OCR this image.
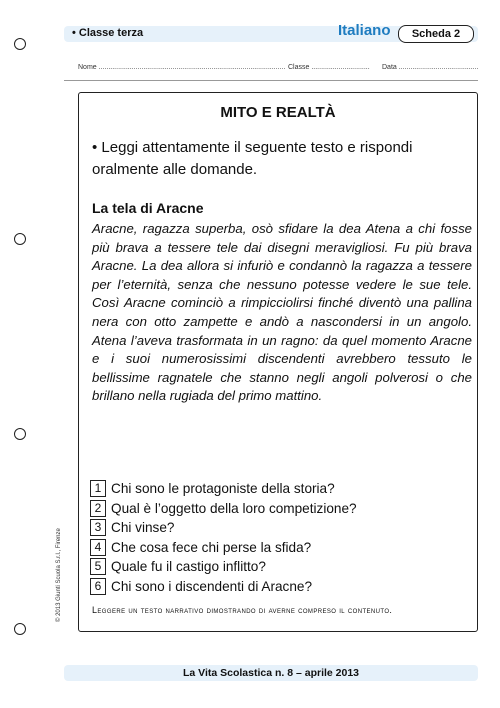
• Classe terza	Italiano	Scheda 2
Nome ................................................................................................ Classe .............................. Data .........................................
MITO E REALTÀ
• Leggi attentamente il seguente testo e rispondi oralmente alle domande.
La tela di Aracne

Aracne, ragazza superba, osò sfidare la dea Atena a chi fosse più brava a tessere tele dai disegni meravigliosi. Fu più brava Aracne. La dea allora si infuriò e condannò la ragazza a tessere per l’eternità, senza che nessuno potesse vedere le sue tele. Così Aracne cominciò a rimpicciolirsi finché diventò una pallina nera con otto zampette e andò a nascondersi in un angolo. Atena l’aveva trasformata in un ragno: da quel momento Aracne e i suoi numerosissimi discendenti avrebbero tessuto le bellissime ragnatele che stanno negli angoli polverosi o che brillano nella rugiada del primo mattino.

1 Chi sono le protagoniste della storia?
2 Qual è l’oggetto della loro competizione?
3 Chi vinse?
4 Che cosa fece chi perse la sfida?
5 Quale fu il castigo inflitto?
6 Chi sono i discendenti di Aracne?
Leggere un testo narrativo dimostrando di averne compreso il contenuto.
© 2013 Giunti Scuola S.r.l., Firenze
La Vita Scolastica n. 8 – aprile 2013
